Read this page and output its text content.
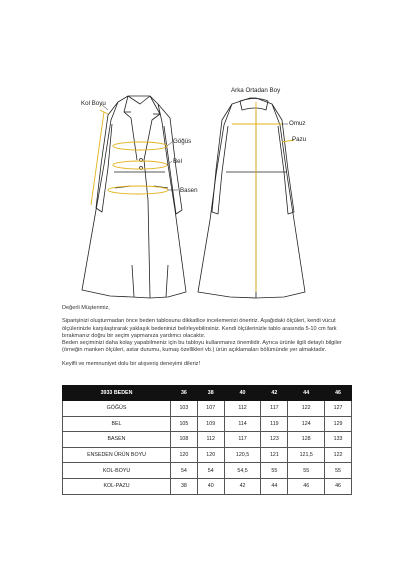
Kol Boyu
Göğüs
Bel
Basen
Arka Ortadan Boy
Omuz
Pazu

Değerli Müşterimiz,

Siparişinizi oluşturmadan önce beden tablosunu dikkatlice incelemenizi öneririz. Aşağıdaki ölçüleri, kendi vücut ölçülerinizle karşılaştırarak yaklaşık bedeninizi belirleyebilirsiniz. Kendi ölçülerinizle tablo arasında 5-10 cm fark bırakmanız doğru bir seçim yapmanıza yardımcı olacaktır.

Beden seçiminizi daha kolay yapabilmeniz için bu tabloyu kullanmanız önemlidir. Ayrıca ürünle ilgili detaylı bilgiler (örneğin manken ölçüleri, astar durumu, kumaş özellikleri vb.) ürün açıklamaları bölümünde yer almaktadır.

Keyifli ve memnuniyet dolu bir alışveriş deneyimi dileriz!

3933 BEDEN	36	38	40	42	44	46
GÖĞÜS	103	107	112	117	122	127
BEL	105	109	114	119	124	129
BASEN	108	112	117	123	128	133
ENSEDEN ÜRÜN BOYU	120	120	120,5	121	121,5	122
KOL-BOYU	54	54	54,5	55	55	55
KOL-PAZU	38	40	42	44	46	46
